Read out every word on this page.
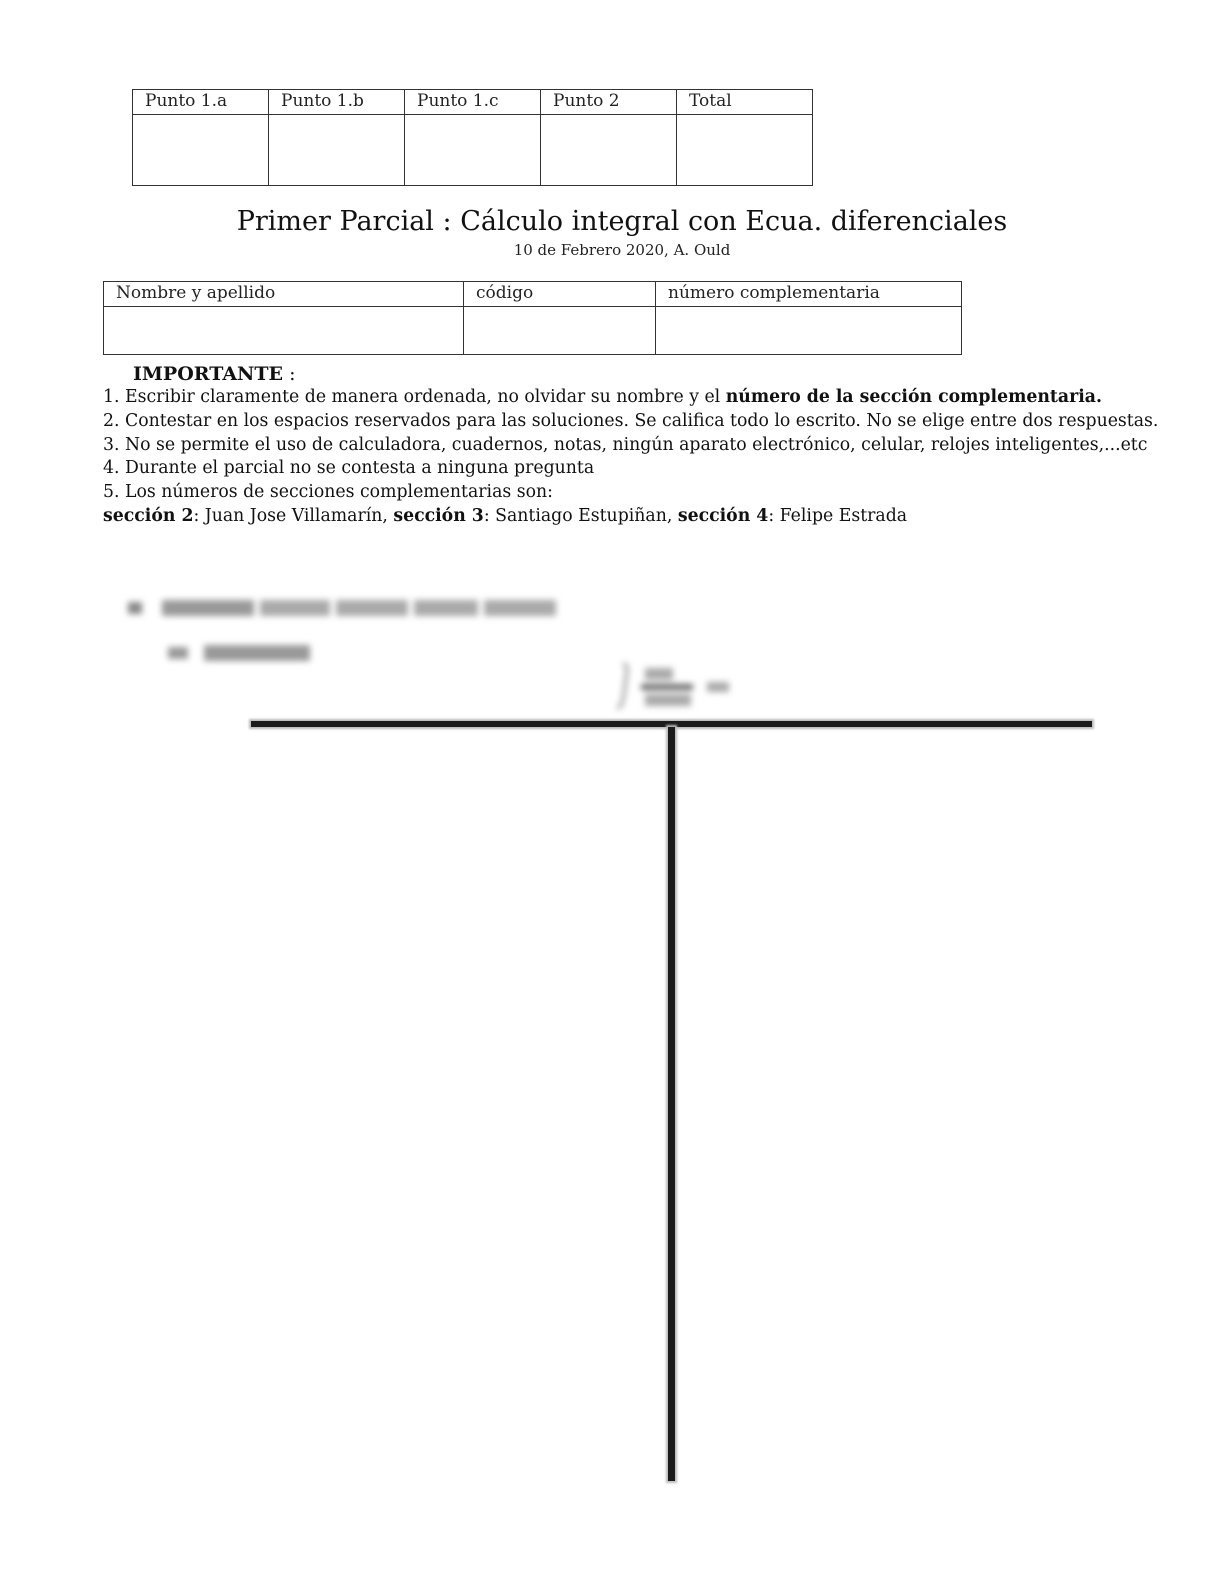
Punto 1.a	Punto 1.b	Punto 1.c	Punto 2	Total

Primer Parcial : Cálculo integral con Ecua. diferenciales
10 de Febrero 2020, A. Ould
Nombre y apellido	código	número complementaria

IMPORTANTE :
1. Escribir claramente de manera ordenada, no olvidar su nombre y el número de la sección complementaria.
2. Contestar en los espacios reservados para las soluciones. Se califica todo lo escrito. No se elige entre dos respuestas.
3. No se permite el uso de calculadora, cuadernos, notas, ningún aparato electrónico, celular, relojes inteligentes,...etc
4. Durante el parcial no se contesta a ninguna pregunta
5. Los números de secciones complementarias son:
sección 2: Juan Jose Villamarín, sección 3: Santiago Estupiñan, sección 4: Felipe Estrada
